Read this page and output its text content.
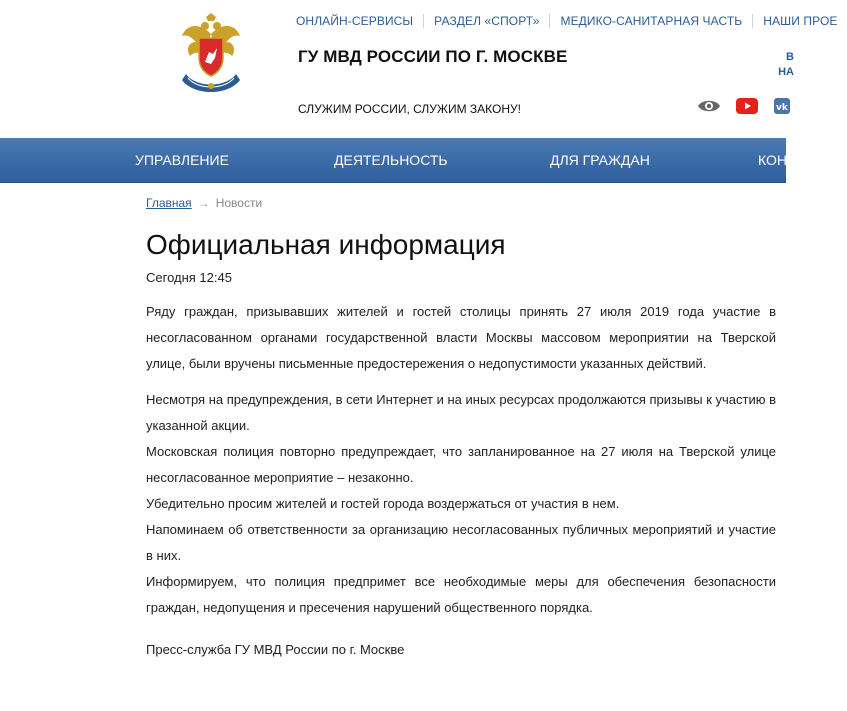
ОНЛАЙН-СЕРВИСЫ	РАЗДЕЛ «СПОРТ»	МЕДИКО-САНИТАРНАЯ ЧАСТЬ	НАШИ ПРОЕ
ГУ МВД РОССИИ ПО Г. МОСКВЕ
СЛУЖИМ РОССИИ, СЛУЖИМ ЗАКОНУ!
В
НА
vk
УПРАВЛЕНИЕ	ДЕЯТЕЛЬНОСТЬ	ДЛЯ ГРАЖДАН	КОН
Главная → Новости
Официальная информация
Сегодня 12:45

Ряду граждан, призывавших жителей и гостей столицы принять 27 июля 2019 года участие в несогласованном органами государственной власти Москвы массовом мероприятии на Тверской улице, были вручены письменные предостережения о недопустимости указанных действий.

Несмотря на предупреждения, в сети Интернет и на иных ресурсах продолжаются призывы к участию в указанной акции.

Московская полиция повторно предупреждает, что запланированное на 27 июля на Тверской улице несогласованное мероприятие – незаконно.

Убедительно просим жителей и гостей города воздержаться от участия в нем.

Напоминаем об ответственности за организацию несогласованных публичных мероприятий и участие в них.

Информируем, что полиция предпримет все необходимые меры для обеспечения безопасности граждан, недопущения и пресечения нарушений общественного порядка.

Пресс-служба ГУ МВД России по г. Москве
